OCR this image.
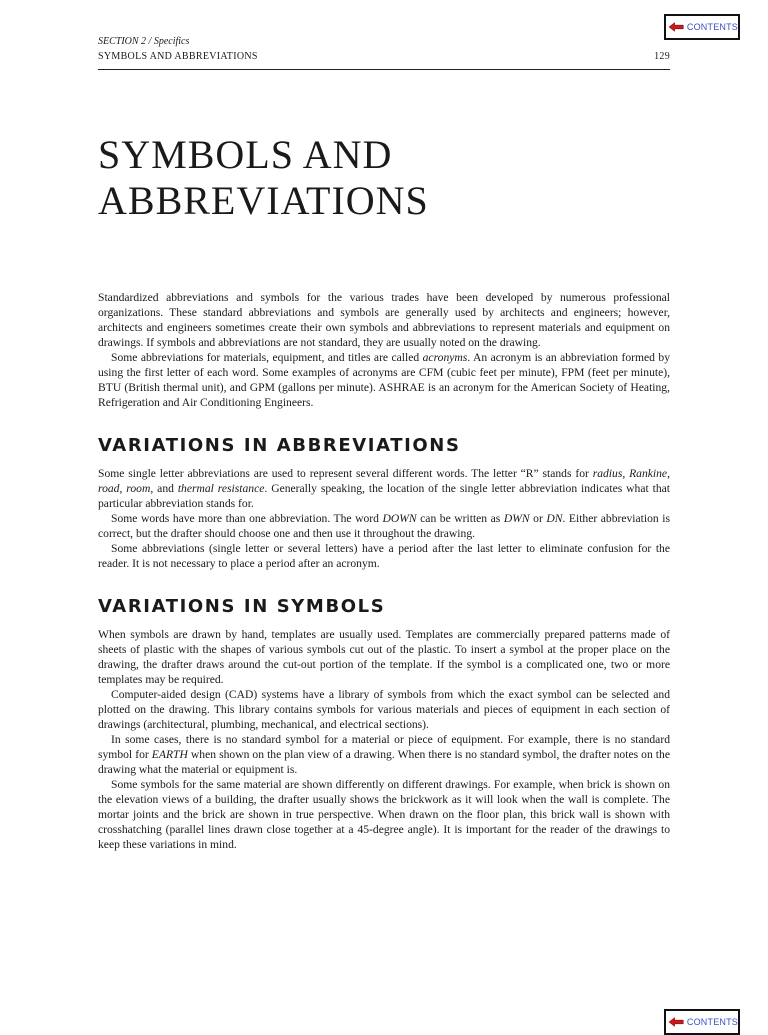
CONTENTS
SECTION 2 / Specifics
SYMBOLS AND ABBREVIATIONS	129
SYMBOLS AND ABBREVIATIONS

Standardized abbreviations and symbols for the various trades have been developed by numerous professional organizations. These standard abbreviations and symbols are generally used by architects and engineers; however, architects and engineers sometimes create their own symbols and abbreviations to represent materials and equipment on drawings. If symbols and abbreviations are not standard, they are usually noted on the drawing.

Some abbreviations for materials, equipment, and titles are called acronyms. An acronym is an abbreviation formed by using the first letter of each word. Some examples of acronyms are CFM (cubic feet per minute), FPM (feet per minute), BTU (British thermal unit), and GPM (gallons per minute). ASHRAE is an acronym for the American Society of Heating, Refrigeration and Air Conditioning Engineers.

VARIATIONS IN ABBREVIATIONS

Some single letter abbreviations are used to represent several different words. The letter “R” stands for radius, Rankine, road, room, and thermal resistance. Generally speaking, the location of the single letter abbreviation indicates what that particular abbreviation stands for.

Some words have more than one abbreviation. The word DOWN can be written as DWN or DN. Either abbreviation is correct, but the drafter should choose one and then use it throughout the drawing.

Some abbreviations (single letter or several letters) have a period after the last letter to eliminate confusion for the reader. It is not necessary to place a period after an acronym.

VARIATIONS IN SYMBOLS

When symbols are drawn by hand, templates are usually used. Templates are commercially prepared patterns made of sheets of plastic with the shapes of various symbols cut out of the plastic. To insert a symbol at the proper place on the drawing, the drafter draws around the cut-out portion of the template. If the symbol is a complicated one, two or more templates may be required.

Computer-aided design (CAD) systems have a library of symbols from which the exact symbol can be selected and plotted on the drawing. This library contains symbols for various materials and pieces of equipment in each section of drawings (architectural, plumbing, mechanical, and electrical sections).

In some cases, there is no standard symbol for a material or piece of equipment. For example, there is no standard symbol for EARTH when shown on the plan view of a drawing. When there is no standard symbol, the drafter notes on the drawing what the material or equipment is.

Some symbols for the same material are shown differently on different drawings. For example, when brick is shown on the elevation views of a building, the drafter usually shows the brickwork as it will look when the wall is complete. The mortar joints and the brick are shown in true perspective. When drawn on the floor plan, this brick wall is shown with crosshatching (parallel lines drawn close together at a 45-degree angle). It is important for the reader of the drawings to keep these variations in mind.

CONTENTS
